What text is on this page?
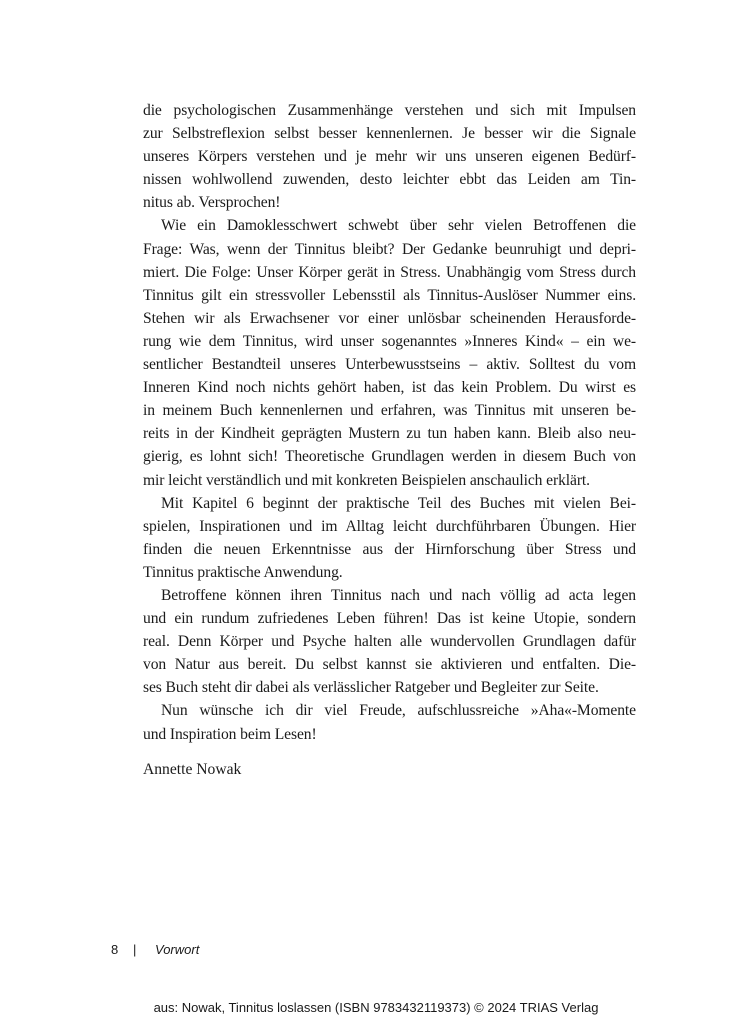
die psychologischen Zusammenhänge verstehen und sich mit Impulsen
zur Selbstreflexion selbst besser kennenlernen. Je besser wir die Signale
unseres Körpers verstehen und je mehr wir uns unseren eigenen Bedürf-
nissen wohlwollend zuwenden, desto leichter ebbt das Leiden am Tin-
nitus ab. Versprochen!

Wie ein Damoklesschwert schwebt über sehr vielen Betroffenen die
Frage: Was, wenn der Tinnitus bleibt? Der Gedanke beunruhigt und depri-
miert. Die Folge: Unser Körper gerät in Stress. Unabhängig vom Stress durch
Tinnitus gilt ein stressvoller Lebensstil als Tinnitus-Auslöser Nummer eins.
Stehen wir als Erwachsener vor einer unlösbar scheinenden Herausforde-
rung wie dem Tinnitus, wird unser sogenanntes »Inneres Kind« – ein we-
sentlicher Bestandteil unseres Unterbewusstseins – aktiv. Solltest du vom
Inneren Kind noch nichts gehört haben, ist das kein Problem. Du wirst es
in meinem Buch kennenlernen und erfahren, was Tinnitus mit unseren be-
reits in der Kindheit geprägten Mustern zu tun haben kann. Bleib also neu-
gierig, es lohnt sich! Theoretische Grundlagen werden in diesem Buch von
mir leicht verständlich und mit konkreten Beispielen anschaulich erklärt.

Mit Kapitel 6 beginnt der praktische Teil des Buches mit vielen Bei-
spielen, Inspirationen und im Alltag leicht durchführbaren Übungen. Hier
finden die neuen Erkenntnisse aus der Hirnforschung über Stress und
Tinnitus praktische Anwendung.

Betroffene können ihren Tinnitus nach und nach völlig ad acta legen
und ein rundum zufriedenes Leben führen! Das ist keine Utopie, sondern
real. Denn Körper und Psyche halten alle wundervollen Grundlagen dafür
von Natur aus bereit. Du selbst kannst sie aktivieren und entfalten. Die-
ses Buch steht dir dabei als verlässlicher Ratgeber und Begleiter zur Seite.

Nun wünsche ich dir viel Freude, aufschlussreiche »Aha«-Momente
und Inspiration beim Lesen!

Annette Nowak
8	|	Vorwort
aus: Nowak, Tinnitus loslassen (ISBN 9783432119373) © 2024 TRIAS Verlag
